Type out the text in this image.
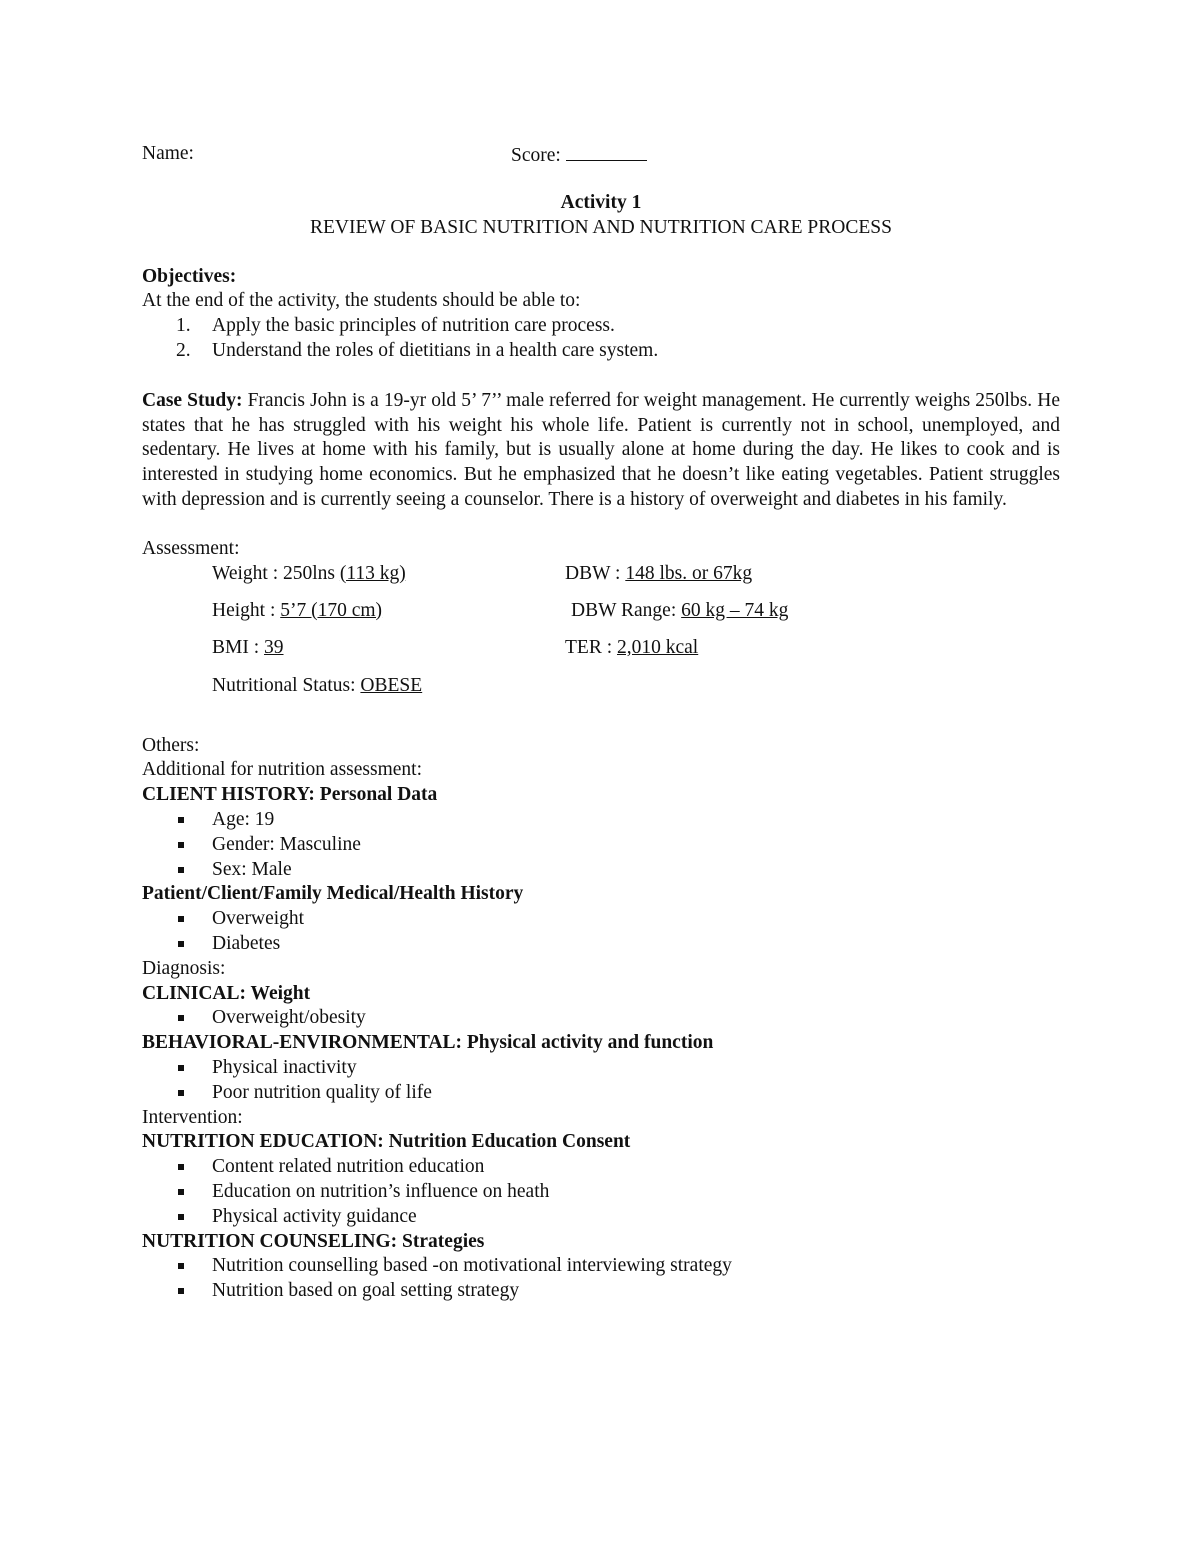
Name:	Score:
Activity 1
REVIEW OF BASIC NUTRITION AND NUTRITION CARE PROCESS
Objectives:
At the end of the activity, the students should be able to:
1. Apply the basic principles of nutrition care process.
2. Understand the roles of dietitians in a health care system.
Case Study: Francis John is a 19-yr old 5’ 7’’ male referred for weight management. He currently weighs 250lbs. He states that he has struggled with his weight his whole life. Patient is currently not in school, unemployed, and sedentary. He lives at home with his family, but is usually alone at home during the day. He likes to cook and is interested in studying home economics. But he emphasized that he doesn’t like eating vegetables. Patient struggles with depression and is currently seeing a counselor. There is a history of overweight and diabetes in his family.
Assessment:
Weight : 250lns (113 kg)	DBW : 148 lbs. or 67kg
Height : 5’7 (170 cm)	DBW Range: 60 kg – 74 kg
BMI : 39	TER : 2,010 kcal
Nutritional Status: OBESE
Others:
Additional for nutrition assessment:
CLIENT HISTORY: Personal Data
Age: 19
Gender: Masculine
Sex: Male
Patient/Client/Family Medical/Health History
Overweight
Diabetes
Diagnosis:
CLINICAL: Weight
Overweight/obesity
BEHAVIORAL-ENVIRONMENTAL: Physical activity and function
Physical inactivity
Poor nutrition quality of life
Intervention:
NUTRITION EDUCATION: Nutrition Education Consent
Content related nutrition education
Education on nutrition’s influence on heath
Physical activity guidance
NUTRITION COUNSELING: Strategies
Nutrition counselling based -on motivational interviewing strategy
Nutrition based on goal setting strategy
